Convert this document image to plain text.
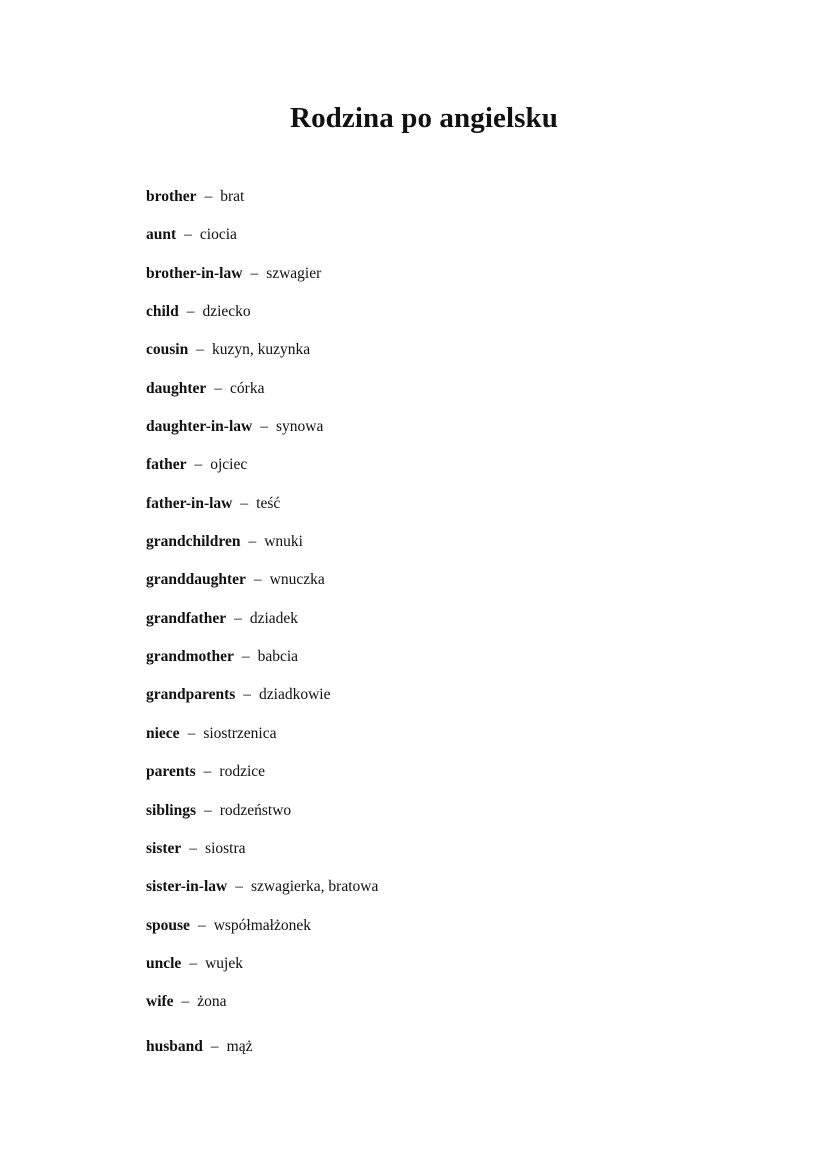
Rodzina po angielsku
brother – brat
aunt – ciocia
brother-in-law – szwagier
child – dziecko
cousin – kuzyn, kuzynka
daughter – córka
daughter-in-law – synowa
father – ojciec
father-in-law – teść
grandchildren – wnuki
granddaughter – wnuczka
grandfather – dziadek
grandmother – babcia
grandparents – dziadkowie
niece – siostrzenica
parents – rodzice
siblings – rodzeństwo
sister – siostra
sister-in-law – szwagierka, bratowa
spouse – współmałżonek
uncle – wujek
wife – żona
husband – mąż
